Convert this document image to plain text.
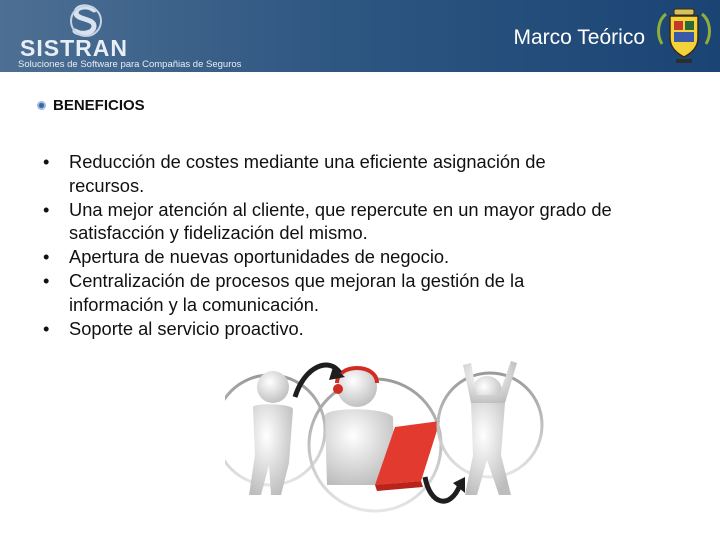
SISTRAN
Soluciones de Software para Compañias de Seguros
Marco Teórico
BENEFICIOS
• Reducción de costes mediante una eficiente asignación de
recursos.
• Una mejor atención al cliente, que repercute en un mayor grado de
satisfacción y fidelización del mismo.
• Apertura de nuevas oportunidades de negocio.
• Centralización de procesos que mejoran la gestión de la
información y la comunicación.
• Soporte al servicio proactivo.
